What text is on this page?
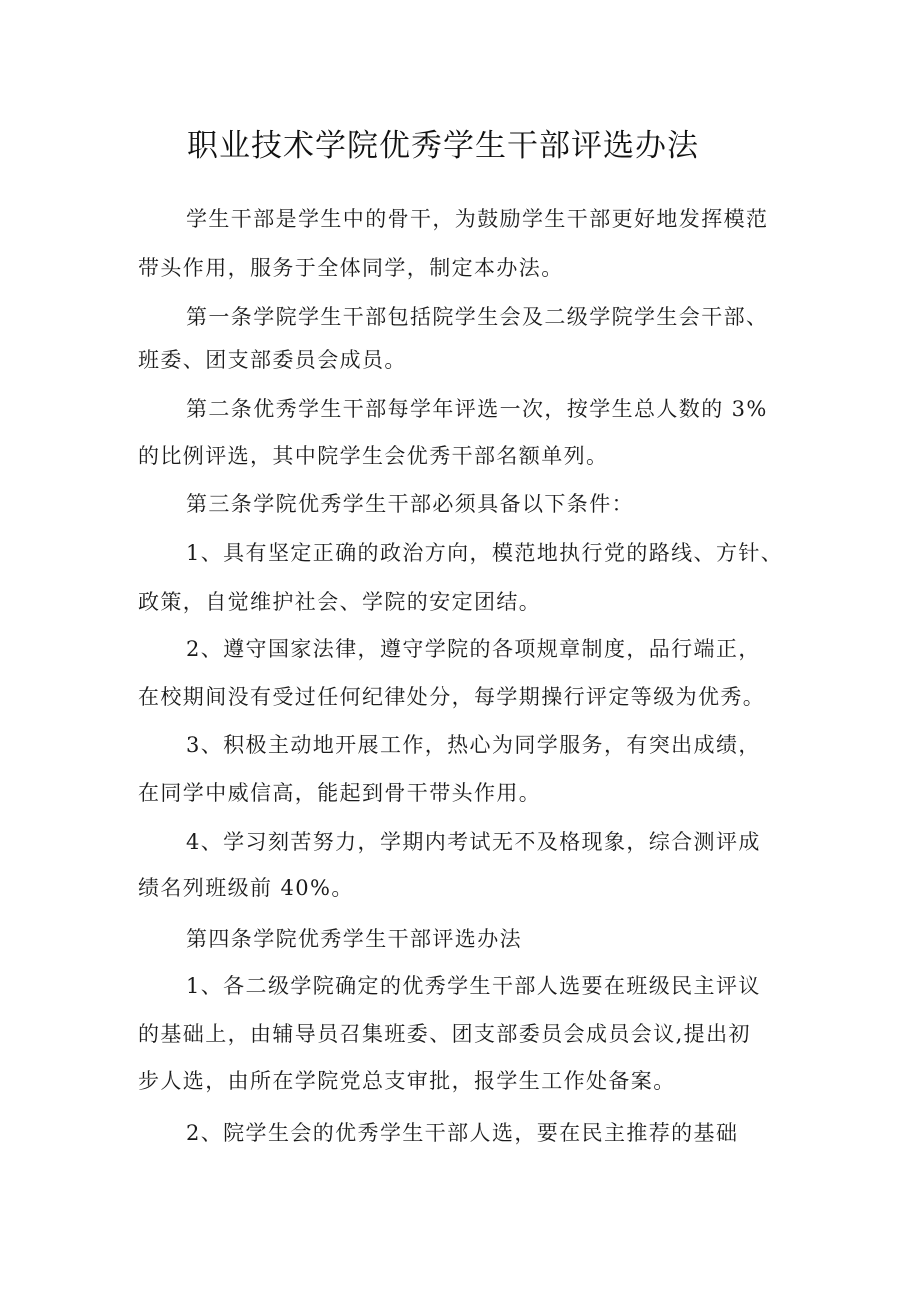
职业技术学院优秀学生干部评选办法
学生干部是学生中的骨干，为鼓励学生干部更好地发挥模范
带头作用，服务于全体同学，制定本办法。
第一条学院学生干部包括院学生会及二级学院学生会干部、
班委、团支部委员会成员。
第二条优秀学生干部每学年评选一次，按学生总人数的 3%
的比例评选，其中院学生会优秀干部名额单列。
第三条学院优秀学生干部必须具备以下条件：
1、具有坚定正确的政治方向，模范地执行党的路线、方针、
政策，自觉维护社会、学院的安定团结。
2、遵守国家法律，遵守学院的各项规章制度，品行端正，
在校期间没有受过任何纪律处分，每学期操行评定等级为优秀。
3、积极主动地开展工作，热心为同学服务，有突出成绩，
在同学中威信高，能起到骨干带头作用。
4、学习刻苦努力，学期内考试无不及格现象，综合测评成
绩名列班级前 40%。
第四条学院优秀学生干部评选办法
1、各二级学院确定的优秀学生干部人选要在班级民主评议
的基础上，由辅导员召集班委、团支部委员会成员会议,提出初
步人选，由所在学院党总支审批，报学生工作处备案。
2、院学生会的优秀学生干部人选，要在民主推荐的基础
